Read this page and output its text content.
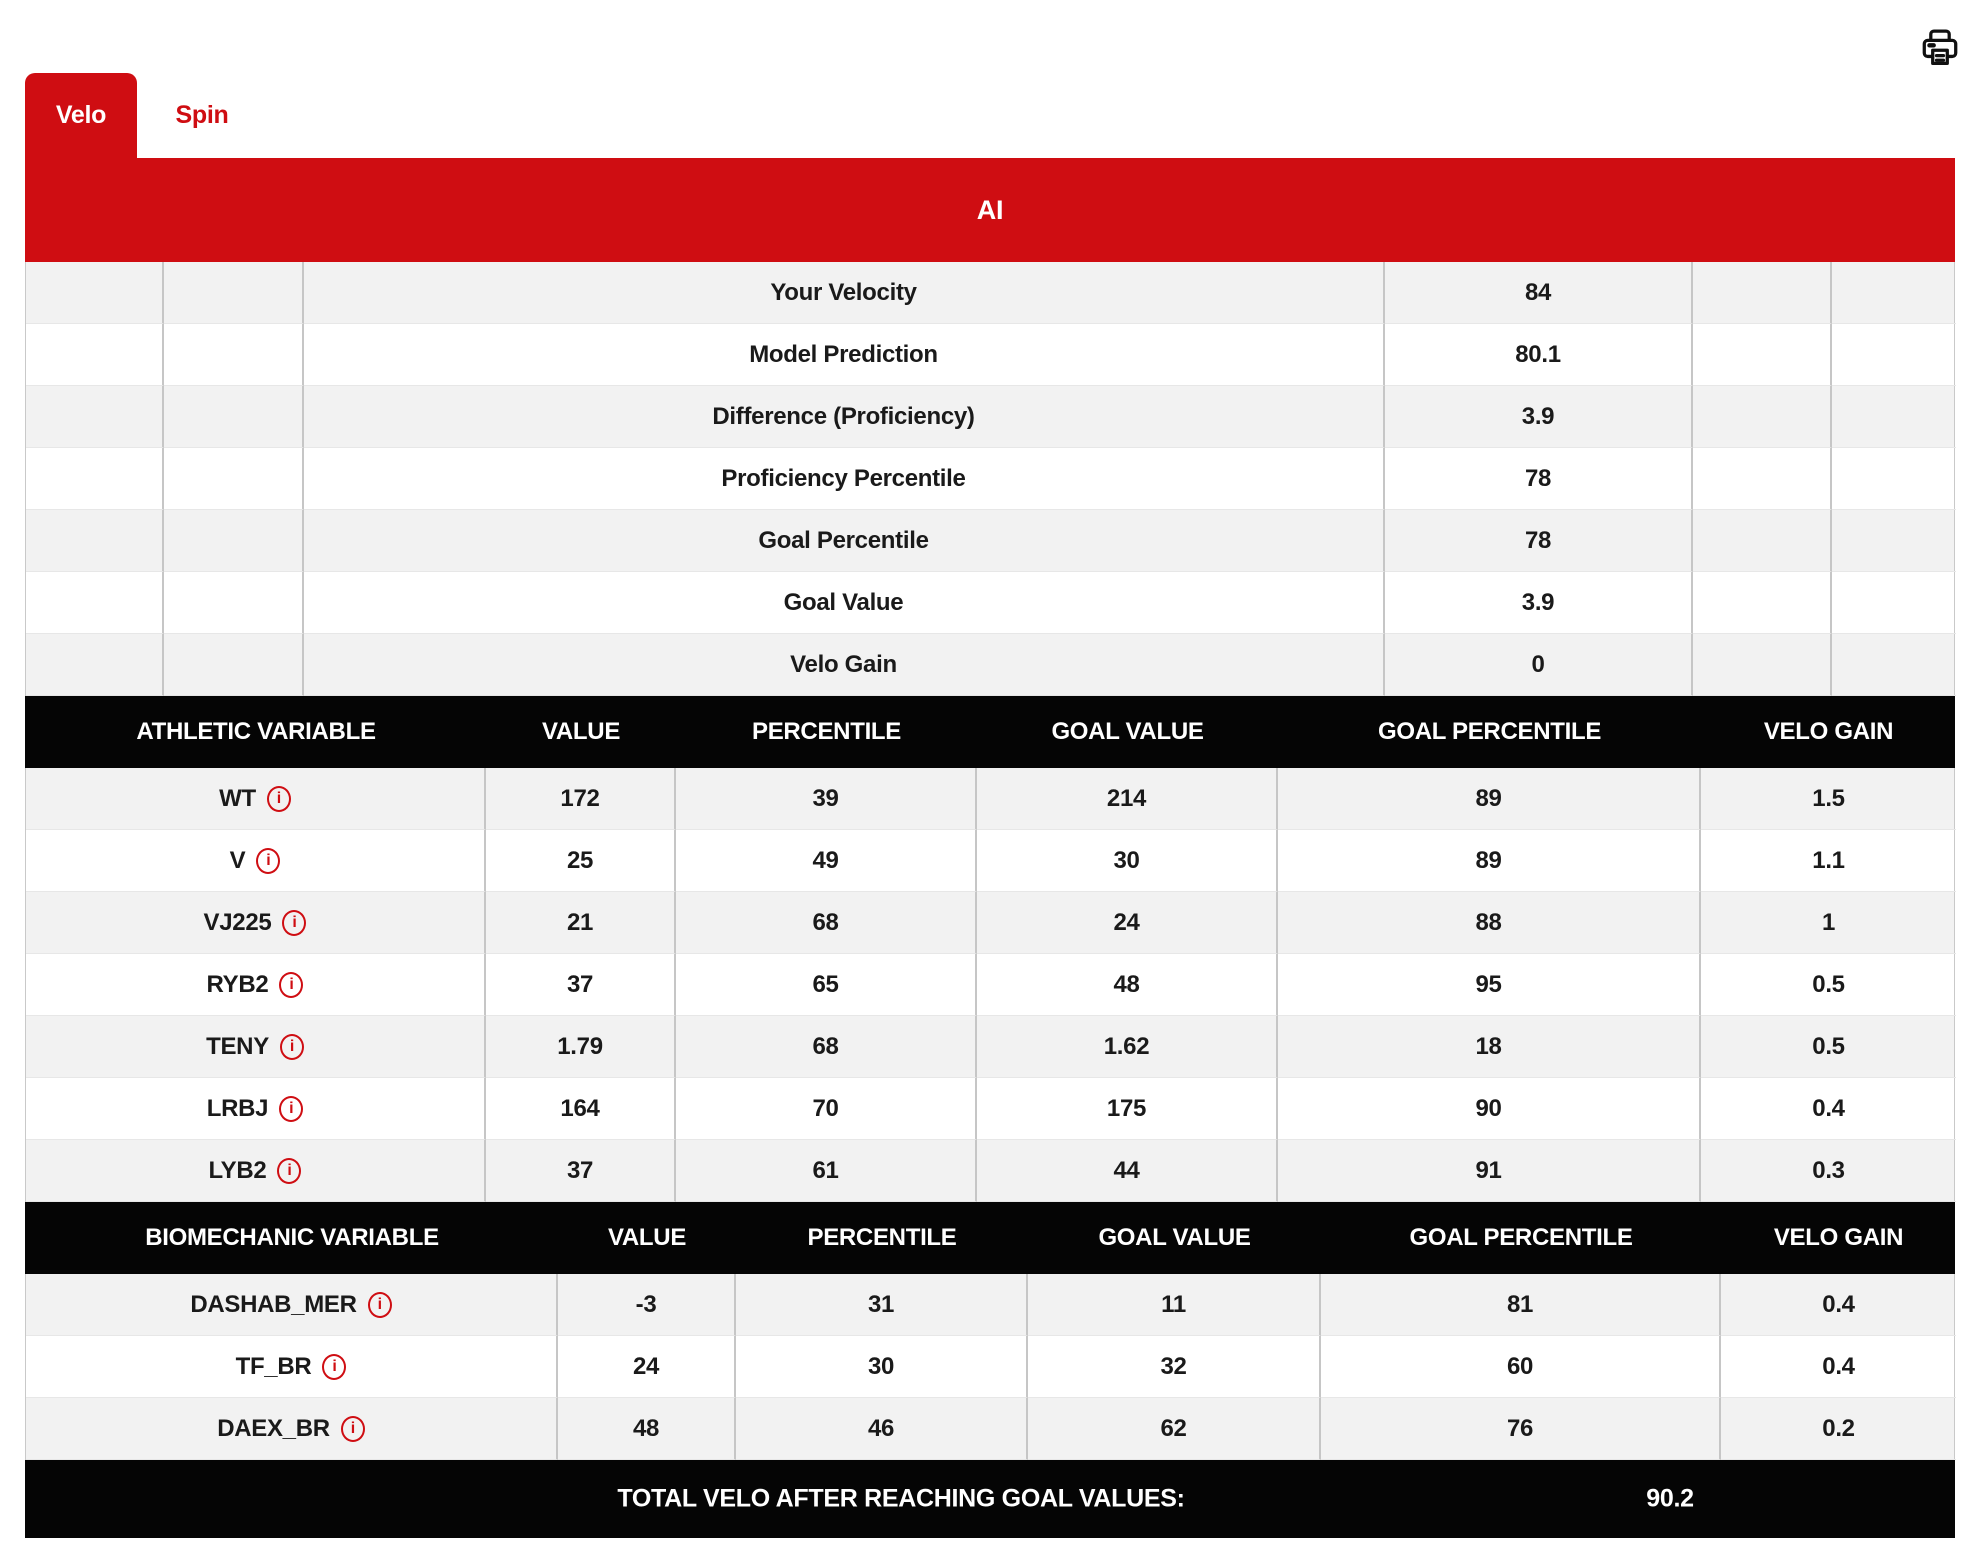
Velo	Spin
AI
Your Velocity	84
Model Prediction	80.1
Difference (Proficiency)	3.9
Proficiency Percentile	78
Goal Percentile	78
Goal Value	3.9
Velo Gain	0
ATHLETIC VARIABLE	VALUE	PERCENTILE	GOAL VALUE	GOAL PERCENTILE	VELO GAIN
WT	i	172	39	214	89	1.5
V	i	25	49	30	89	1.1
VJ225	i	21	68	24	88	1
RYB2	i	37	65	48	95	0.5
TENY	i	1.79	68	1.62	18	0.5
LRBJ	i	164	70	175	90	0.4
LYB2	i	37	61	44	91	0.3
BIOMECHANIC VARIABLE	VALUE	PERCENTILE	GOAL VALUE	GOAL PERCENTILE	VELO GAIN
DASHAB_MER	i	-3	31	11	81	0.4
TF_BR	i	24	30	32	60	0.4
DAEX_BR	i	48	46	62	76	0.2
TOTAL VELO AFTER REACHING GOAL VALUES:	90.2
